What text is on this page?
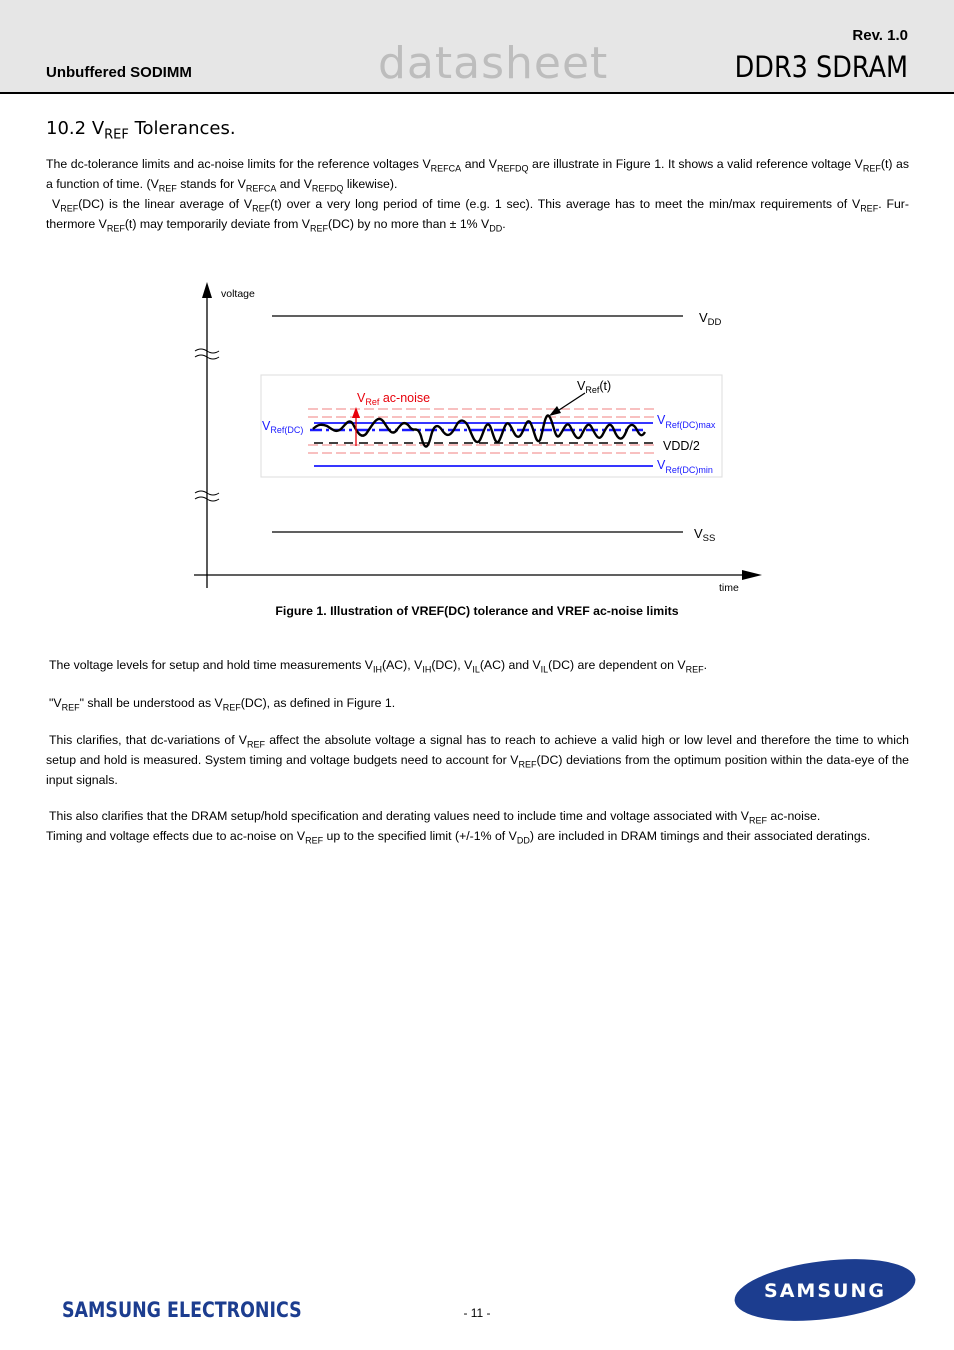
Unbuffered SODIMM	datasheet
Rev. 1.0
DDR3 SDRAM
10.2 $V_{REF}$ Tolerances.
The dc-tolerance limits and ac-noise limits for the reference voltages $V_{REFCA}$ and $V_{REFDQ}$ are illustrate in Figure 1. It shows a valid reference voltage $V_{REF}(t)$ as a function of time. ($V_{REF}$ stands for $V_{REFCA}$ and $V_{REFDQ}$ likewise).
$V_{REF}(DC)$ is the linear average of $V_{REF}(t)$ over a very long period of time (e.g. 1 sec). This average has to meet the min/max requirements of $V_{REF}$. Fur-thermore $V_{REF}(t)$ may temporarily deviate from $V_{REF}(DC)$ by no more than ± 1% $V_{DD}$.
voltage
time
$V_{DD}$
$V_{SS}$
$V_{Ref}$ ac-noise
$V_{Ref}(t)$
$V_{Ref(DC)}$
$V_{Ref(DC)max}$
VDD/2
$V_{Ref(DC)min}$
Figure 1. Illustration of VREF(DC) tolerance and VREF ac-noise limits
The voltage levels for setup and hold time measurements $V_{IH}(AC)$, $V_{IH}(DC)$, $V_{IL}(AC)$ and $V_{IL}(DC)$ are dependent on $V_{REF}$.
"$V_{REF}$" shall be understood as $V_{REF}(DC)$, as defined in Figure 1.
This clarifies, that dc-variations of $V_{REF}$ affect the absolute voltage a signal has to reach to achieve a valid high or low level and therefore the time to which setup and hold is measured. System timing and voltage budgets need to account for $V_{REF}(DC)$ deviations from the optimum position within the data-eye of the input signals.
This also clarifies that the DRAM setup/hold specification and derating values need to include time and voltage associated with $V_{REF}$ ac-noise.
Timing and voltage effects due to ac-noise on $V_{REF}$ up to the specified limit (+/-1% of $V_{DD}$) are included in DRAM timings and their associated deratings.
SAMSUNG ELECTRONICS	- 11 -
SAMSUNG
